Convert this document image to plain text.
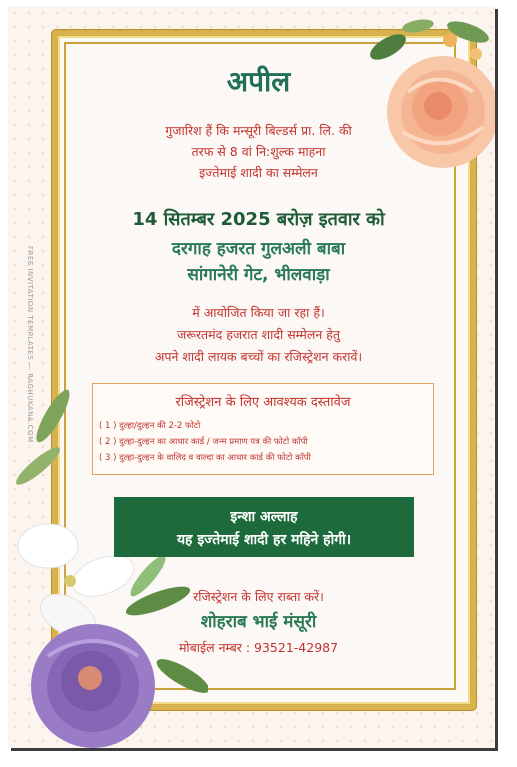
FREE INVITATION TEMPLATES — RAGHUKANA.COM
अपील
गुजारिश हैं कि मन्सूरी बिल्डर्स प्रा. लि. की
तरफ से 8 वां नि:शुल्क माहना
इज्तेमाई शादी का सम्मेलन
14 सितम्बर 2025 बरोज़ इतवार को
दरगाह हजरत गुलअली बाबा
सांगानेरी गेट, भीलवाड़ा
में आयोजित किया जा रहा हैं।
जरूरतमंद हजरात शादी सम्मेलन हेतु
अपने शादी लायक बच्चों का रजिस्ट्रेशन करावें।
रजिस्ट्रेशन के लिए आवश्यक दस्तावेज
( 1 ) दुल्हा/दुल्हन की 2-2 फोटो
( 2 ) दुल्हा-दुल्हन का आधार कार्ड / जन्म प्रमाण पत्र की फोटो कॉपी
( 3 ) दुल्हा-दुल्हन के वालिद व वाल्दा का आधार कार्ड की फोटो कॉपी
इन्शा अल्लाह
यह इज्तेमाई शादी हर महिने होगी।
रजिस्ट्रेशन के लिए राब्ता करें।
शोहराब भाई मंसूरी
मोबाईल नम्बर : 93521-42987
